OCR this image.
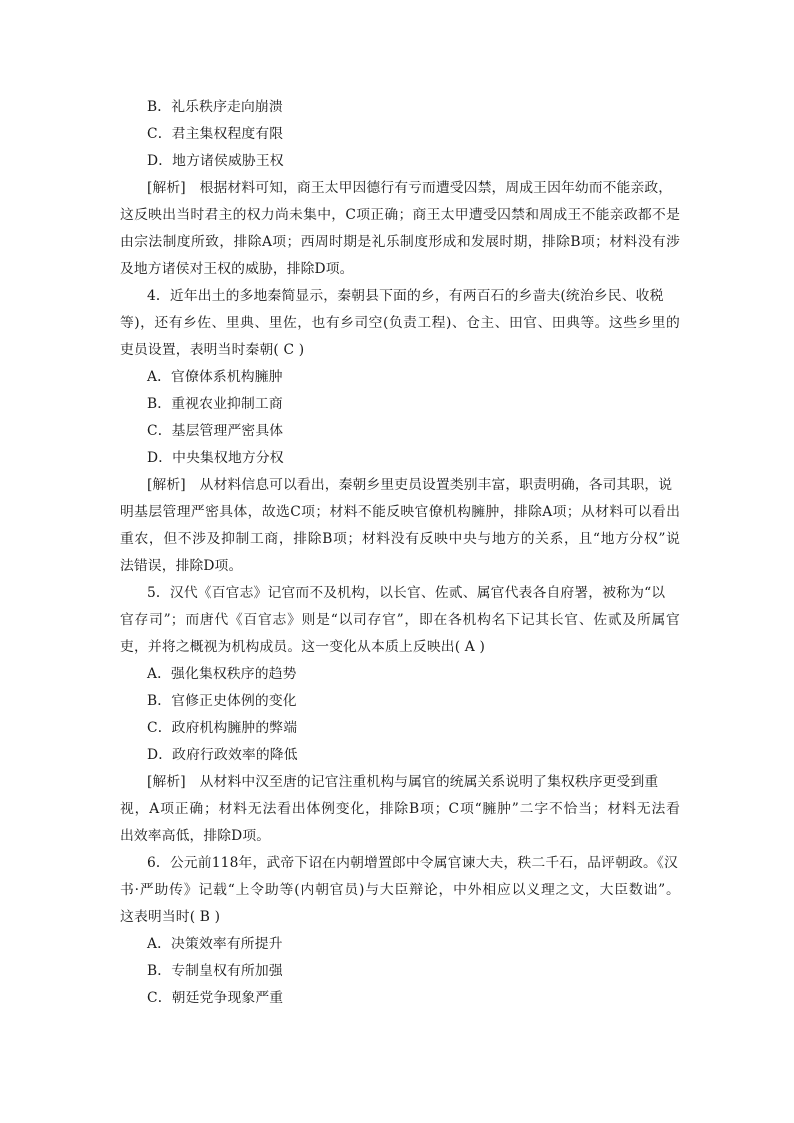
B．礼乐秩序走向崩溃
C．君主集权程度有限
D．地方诸侯威胁王权
[解析]　根据材料可知，商王太甲因德行有亏而遭受囚禁，周成王因年幼而不能亲政，
这反映出当时君主的权力尚未集中，C项正确；商王太甲遭受囚禁和周成王不能亲政都不是
由宗法制度所致，排除A项；西周时期是礼乐制度形成和发展时期，排除B项；材料没有涉
及地方诸侯对王权的威胁，排除D项。
4．近年出土的多地秦简显示，秦朝县下面的乡，有两百石的乡啬夫(统治乡民、收税
等)，还有乡佐、里典、里佐，也有乡司空(负责工程)、仓主、田官、田典等。这些乡里的
吏员设置，表明当时秦朝( C )
A．官僚体系机构臃肿
B．重视农业抑制工商
C．基层管理严密具体
D．中央集权地方分权
[解析]　从材料信息可以看出，秦朝乡里吏员设置类别丰富，职责明确，各司其职，说
明基层管理严密具体，故选C项；材料不能反映官僚机构臃肿，排除A项；从材料可以看出
重农，但不涉及抑制工商，排除B项；材料没有反映中央与地方的关系，且“地方分权”说
法错误，排除D项。
5．汉代《百官志》记官而不及机构，以长官、佐贰、属官代表各自府署，被称为“以
官存司”；而唐代《百官志》则是“以司存官”，即在各机构名下记其长官、佐贰及所属官
吏，并将之概视为机构成员。这一变化从本质上反映出( A )
A．强化集权秩序的趋势
B．官修正史体例的变化
C．政府机构臃肿的弊端
D．政府行政效率的降低
[解析]　从材料中汉至唐的记官注重机构与属官的统属关系说明了集权秩序更受到重
视，A项正确；材料无法看出体例变化，排除B项；C项“臃肿”二字不恰当；材料无法看
出效率高低，排除D项。
6．公元前118年，武帝下诏在内朝增置郎中令属官谏大夫，秩二千石，品评朝政。《汉
书·严助传》记载“上令助等(内朝官员)与大臣辩论，中外相应以义理之文，大臣数诎”。
这表明当时( B )
A．决策效率有所提升
B．专制皇权有所加强
C．朝廷党争现象严重
